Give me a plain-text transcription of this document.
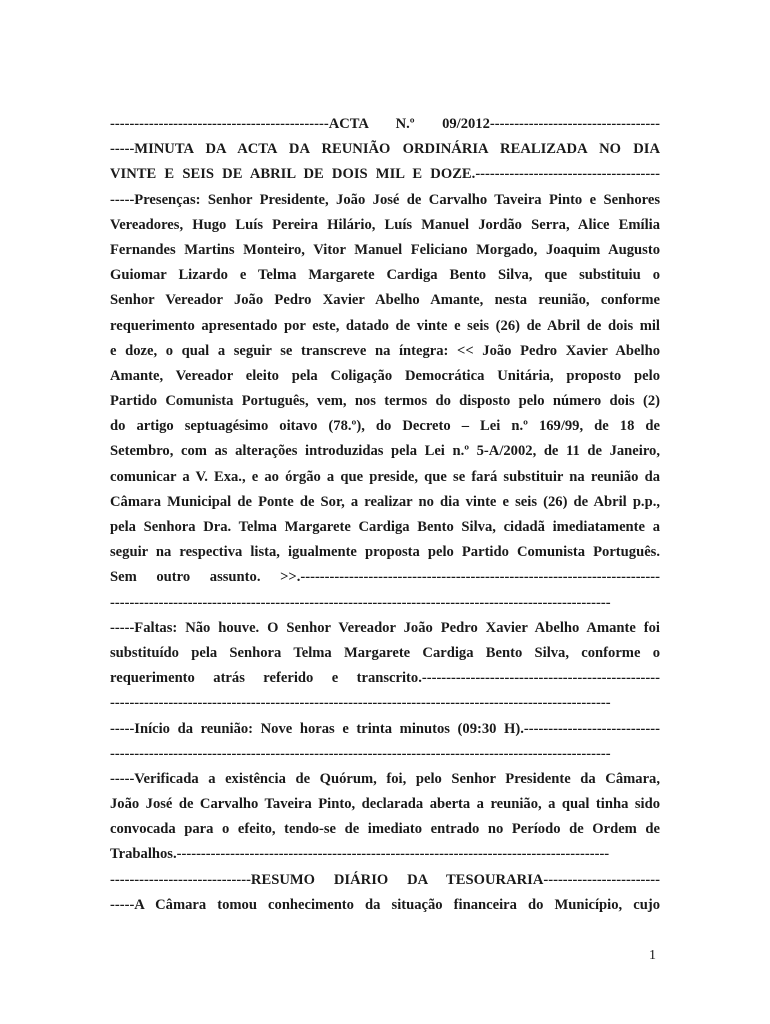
---------------------------------------------ACTA N.º 09/2012-----------------------------------
-----MINUTA DA ACTA DA REUNIÃO ORDINÁRIA REALIZADA NO DIA
VINTE E SEIS DE ABRIL DE DOIS MIL E DOZE.--------------------------------------
-----Presenças: Senhor Presidente, João José de Carvalho Taveira Pinto e Senhores
Vereadores, Hugo Luís Pereira Hilário, Luís Manuel Jordão Serra, Alice Emília
Fernandes Martins Monteiro, Vitor Manuel Feliciano Morgado, Joaquim Augusto
Guiomar Lizardo e Telma Margarete Cardiga Bento Silva, que substituiu o
Senhor Vereador João Pedro Xavier Abelho Amante, nesta reunião, conforme
requerimento apresentado por este, datado de vinte e seis (26) de Abril de dois mil
e doze, o qual a seguir se transcreve na íntegra: << João Pedro Xavier Abelho
Amante, Vereador eleito pela Coligação Democrática Unitária, proposto pelo
Partido Comunista Português, vem, nos termos do disposto pelo número dois (2)
do artigo septuagésimo oitavo (78.º), do Decreto – Lei n.º 169/99, de 18 de
Setembro, com as alterações introduzidas pela Lei n.º 5-A/2002, de 11 de Janeiro,
comunicar a V. Exa., e ao órgão a que preside, que se fará substituir na reunião da
Câmara Municipal de Ponte de Sor, a realizar no dia vinte e seis (26) de Abril p.p.,
pela Senhora Dra. Telma Margarete Cardiga Bento Silva, cidadã imediatamente a
seguir na respectiva lista, igualmente proposta pelo Partido Comunista Português.
Sem outro assunto. >>.--------------------------------------------------------------------------
-------------------------------------------------------------------------------------------------------
-----Faltas: Não houve. O Senhor Vereador João Pedro Xavier Abelho Amante foi
substituído pela Senhora Telma Margarete Cardiga Bento Silva, conforme o
requerimento atrás referido e transcrito.-------------------------------------------------
-------------------------------------------------------------------------------------------------------
-----Início da reunião: Nove horas e trinta minutos (09:30 H).----------------------------
-------------------------------------------------------------------------------------------------------
-----Verificada a existência de Quórum, foi, pelo Senhor Presidente da Câmara,
João José de Carvalho Taveira Pinto, declarada aberta a reunião, a qual tinha sido
convocada para o efeito, tendo-se de imediato entrado no Período de Ordem de
Trabalhos.-----------------------------------------------------------------------------------------
-----------------------------RESUMO DIÁRIO DA TESOURARIA------------------------
-----A Câmara tomou conhecimento da situação financeira do Município, cujo
1
